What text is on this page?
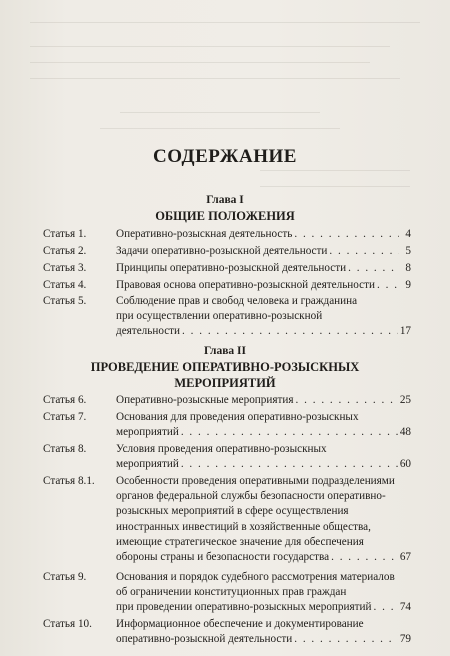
СОДЕРЖАНИЕ
Глава I
ОБЩИЕ ПОЛОЖЕНИЯ
Статья 1.	Оперативно-розыскная деятельность . . .	4
Статья 2.	Задачи оперативно-розыскной деятельности . . .	5
Статья 3.	Принципы оперативно-розыскной деятельности . . .	8
Статья 4.	Правовая основа оперативно-розыскной деятельности . . .	9
Статья 5.	Соблюдение прав и свобод человека и гражданина
при осуществлении оперативно-розыскной
деятельности . . .	17
Глава II
ПРОВЕДЕНИЕ ОПЕРАТИВНО-РОЗЫСКНЫХ
МЕРОПРИЯТИЙ
Статья 6.	Оперативно-розыскные мероприятия . . .	25
Статья 7.	Основания для проведения оперативно-розыскных
мероприятий . . .	48
Статья 8.	Условия проведения оперативно-розыскных
мероприятий . . .	60
Статья 8.1.	Особенности проведения оперативными подразделениями
органов федеральной службы безопасности оперативно-
розыскных мероприятий в сфере осуществления
иностранных инвестиций в хозяйственные общества,
имеющие стратегическое значение для обеспечения
обороны страны и безопасности государства . . .	67
Статья 9.	Основания и порядок судебного рассмотрения материалов
об ограничении конституционных прав граждан
при проведении оперативно-розыскных мероприятий . . .	74
Статья 10.	Информационное обеспечение и документирование
оперативно-розыскной деятельности . . .	79
